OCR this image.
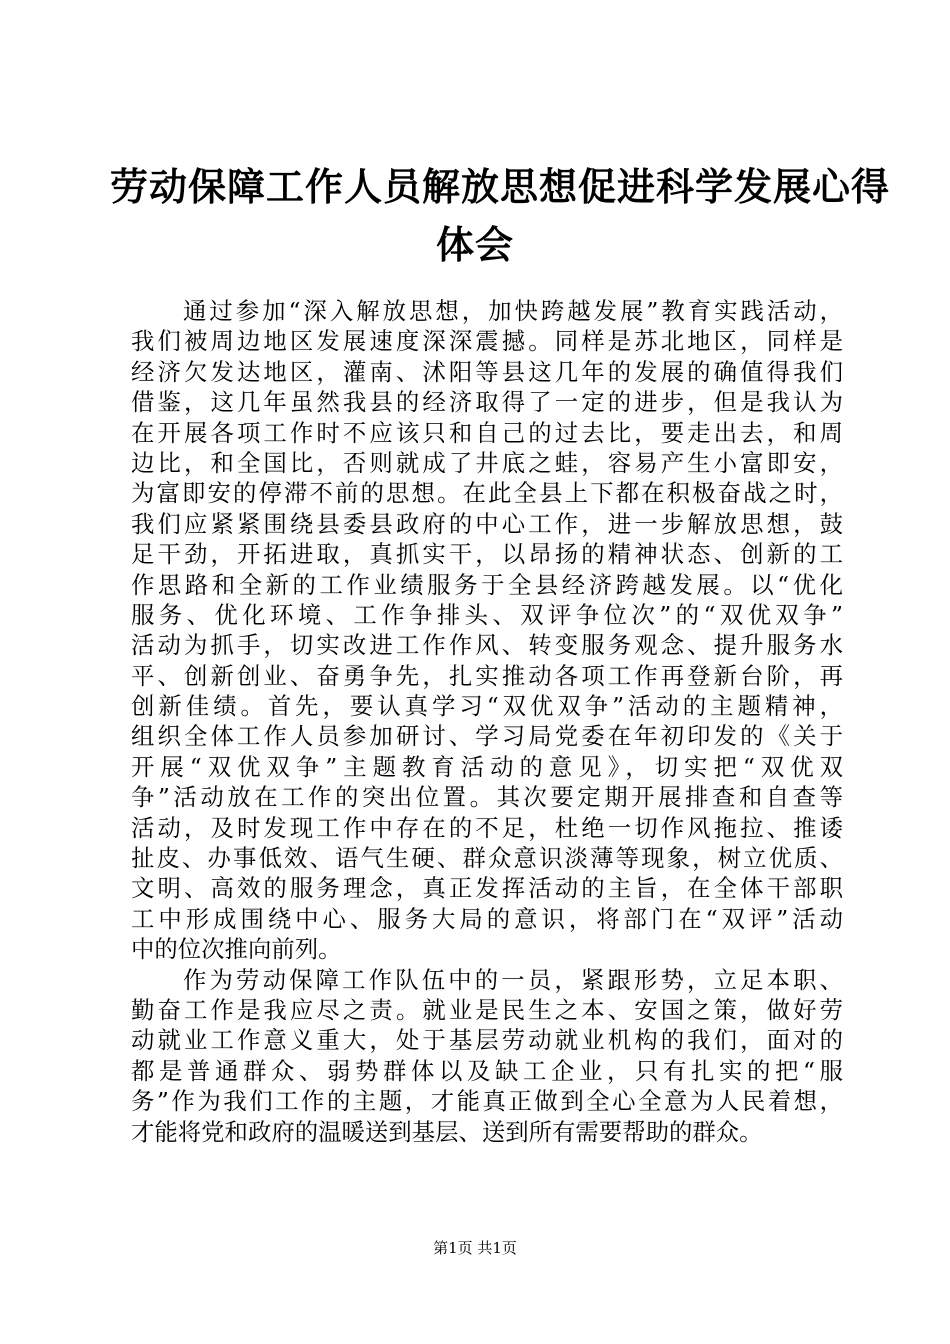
劳动保障工作人员解放思想促进科学发展心得
体会
通过参加“深入解放思想，加快跨越发展”教育实践活动，
我们被周边地区发展速度深深震撼。同样是苏北地区，同样是
经济欠发达地区，灌南、沭阳等县这几年的发展的确值得我们
借鉴，这几年虽然我县的经济取得了一定的进步，但是我认为
在开展各项工作时不应该只和自己的过去比，要走出去，和周
边比，和全国比，否则就成了井底之蛙，容易产生小富即安，
为富即安的停滞不前的思想。在此全县上下都在积极奋战之时，
我们应紧紧围绕县委县政府的中心工作，进一步解放思想，鼓
足干劲，开拓进取，真抓实干，以昂扬的精神状态、创新的工
作思路和全新的工作业绩服务于全县经济跨越发展。以“优化
服务、优化环境、工作争排头、双评争位次”的“双优双争”
活动为抓手，切实改进工作作风、转变服务观念、提升服务水
平、创新创业、奋勇争先，扎实推动各项工作再登新台阶，再
创新佳绩。首先，要认真学习“双优双争”活动的主题精神，
组织全体工作人员参加研讨、学习局党委在年初印发的《关于
开展“双优双争”主题教育活动的意见》，切实把“双优双
争”活动放在工作的突出位置。其次要定期开展排查和自查等
活动，及时发现工作中存在的不足，杜绝一切作风拖拉、推诿
扯皮、办事低效、语气生硬、群众意识淡薄等现象，树立优质、
文明、高效的服务理念，真正发挥活动的主旨，在全体干部职
工中形成围绕中心、服务大局的意识，将部门在“双评”活动
中的位次推向前列。
作为劳动保障工作队伍中的一员，紧跟形势，立足本职、
勤奋工作是我应尽之责。就业是民生之本、安国之策，做好劳
动就业工作意义重大，处于基层劳动就业机构的我们，面对的
都是普通群众、弱势群体以及缺工企业，只有扎实的把“服
务”作为我们工作的主题，才能真正做到全心全意为人民着想，
才能将党和政府的温暖送到基层、送到所有需要帮助的群众。
第1页 共1页
